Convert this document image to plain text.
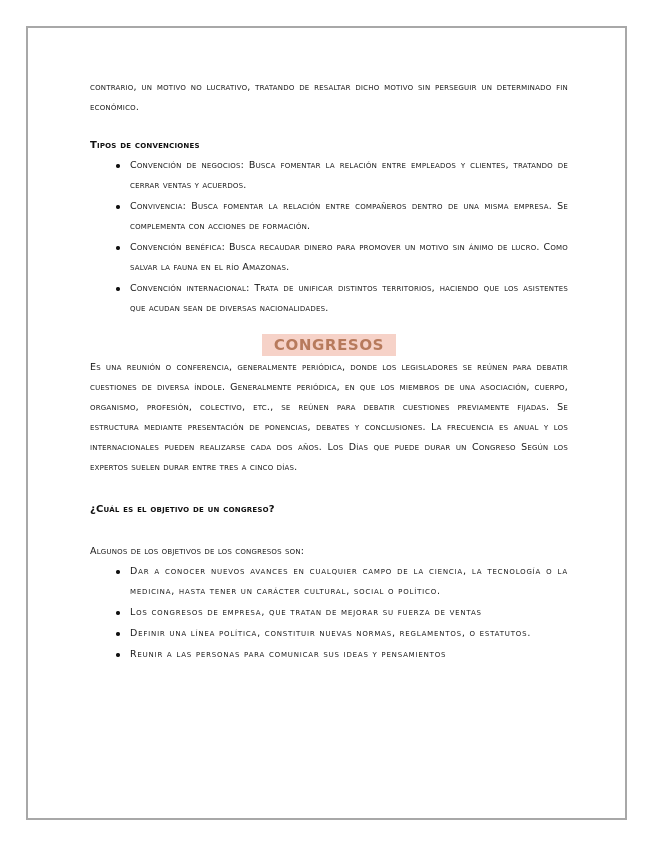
contrario, un motivo no lucrativo, tratando de resaltar dicho motivo sin perseguir un determinado fin económico.

Tipos de convenciones
Convención de negocios: Busca fomentar la relación entre empleados y clientes, tratando de cerrar ventas y acuerdos.
Convivencia: Busca fomentar la relación entre compañeros dentro de una misma empresa. Se complementa con acciones de formación.
Convención benéfica: Busca recaudar dinero para promover un motivo sin ánimo de lucro. Como salvar la fauna en el río Amazonas.
Convención internacional: Trata de unificar distintos territorios, haciendo que los asistentes que acudan sean de diversas nacionalidades.
CONGRESOS

Es una reunión o conferencia, generalmente periódica, donde los legisladores se reúnen para debatir cuestiones de diversa índole. Generalmente periódica, en que los miembros de una asociación, cuerpo, organismo, profesión, colectivo, etc., se reúnen para debatir cuestiones previamente fijadas. Se estructura mediante presentación de ponencias, debates y conclusiones. La frecuencia es anual y los internacionales pueden realizarse cada dos años. Los Días que puede durar un Congreso Según los expertos suelen durar entre tres a cinco días.

¿Cuál es el objetivo de un congreso?

Algunos de los objetivos de los congresos son:

Dar a conocer nuevos avances en cualquier campo de la ciencia, la tecnología o la medicina, hasta tener un carácter cultural, social o político.
Los congresos de empresa, que tratan de mejorar su fuerza de ventas
Definir una línea política, constituir nuevas normas, reglamentos, o estatutos.
Reunir a las personas para comunicar sus ideas y pensamientos
